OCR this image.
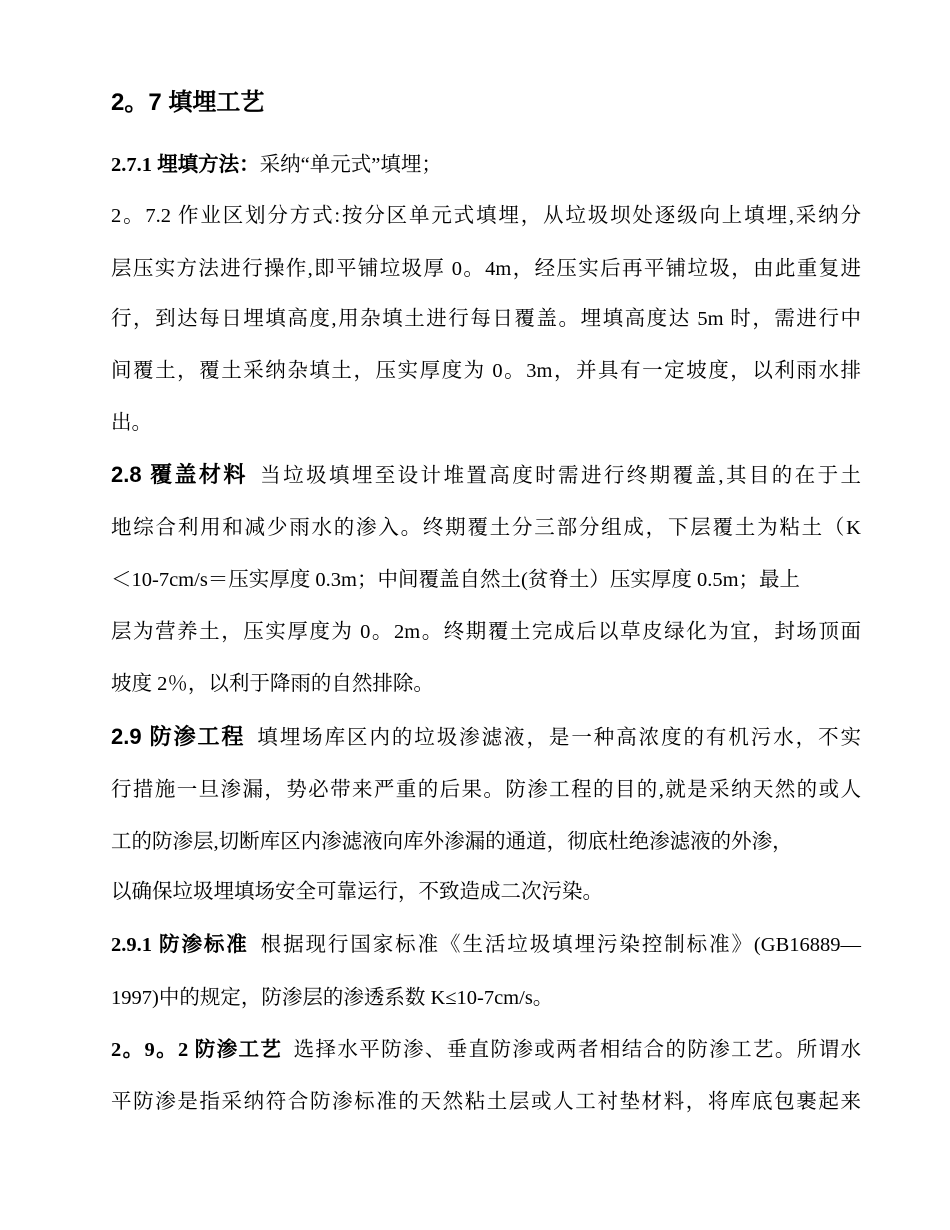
2。7 填埋工艺
2.7.1 埋填方法：采纳“单元式”填埋；
2。7.2 作业区划分方式:按分区单元式填埋，从垃圾坝处逐级向上填埋,采纳分
层压实方法进行操作,即平铺垃圾厚 0。4m，经压实后再平铺垃圾，由此重复进
行，到达每日埋填高度,用杂填土进行每日覆盖。埋填高度达 5m 时，需进行中
间覆土，覆土采纳杂填土，压实厚度为 0。3m，并具有一定坡度，以利雨水排
出。
2.8 覆盖材料 当垃圾填埋至设计堆置高度时需进行终期覆盖,其目的在于土
地综合利用和减少雨水的渗入。终期覆土分三部分组成，下层覆土为粘土（K
＜10-7cm/s＝压实厚度 0.3m；中间覆盖自然土(贫脊土）压实厚度 0.5m；最上
层为营养土，压实厚度为 0。2m。终期覆土完成后以草皮绿化为宜，封场顶面
坡度 2％，以利于降雨的自然排除。
2.9 防渗工程 填埋场库区内的垃圾渗滤液，是一种高浓度的有机污水，不实
行措施一旦渗漏，势必带来严重的后果。防渗工程的目的,就是采纳天然的或人
工的防渗层,切断库区内渗滤液向库外渗漏的通道，彻底杜绝渗滤液的外渗，
以确保垃圾埋填场安全可靠运行，不致造成二次污染。
2.9.1 防渗标准 根据现行国家标准《生活垃圾填埋污染控制标准》(GB16889—
1997)中的规定，防渗层的渗透系数 K≤10-7cm/s。
2。9。2 防渗工艺 选择水平防渗、垂直防渗或两者相结合的防渗工艺。所谓水
平防渗是指采纳符合防渗标准的天然粘土层或人工衬垫材料，将库底包裹起来
